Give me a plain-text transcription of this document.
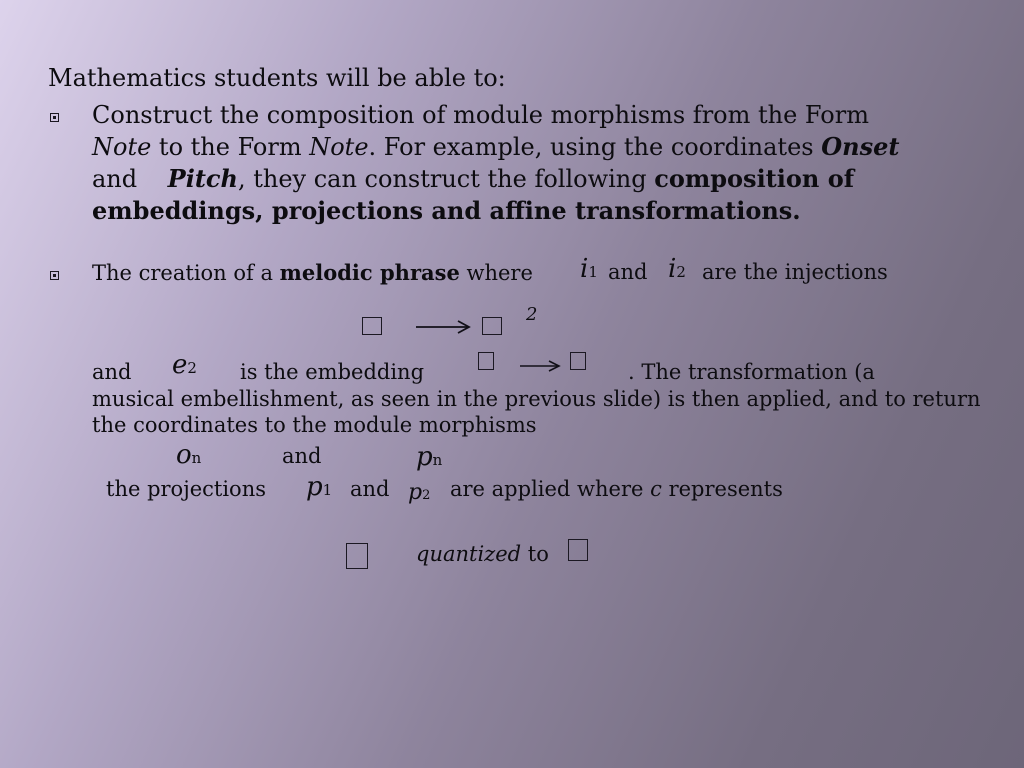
Mathematics students will be able to:
Construct the composition of module morphisms from the Form
Note to the Form Note. For example, using the coordinates Onset
and Pitch, they can construct the following composition of embeddings, projections and affine transformations.
The creation of a melodic phrase where i1 and i2 are the injections
2
and e2 is the embedding	. The transformation (a
musical embellishment, as seen in the previous slide) is then applied, and to return the coordinates to the module morphisms
on	and	pn
the projections p1 and p2 are applied where c represents
quantized to
